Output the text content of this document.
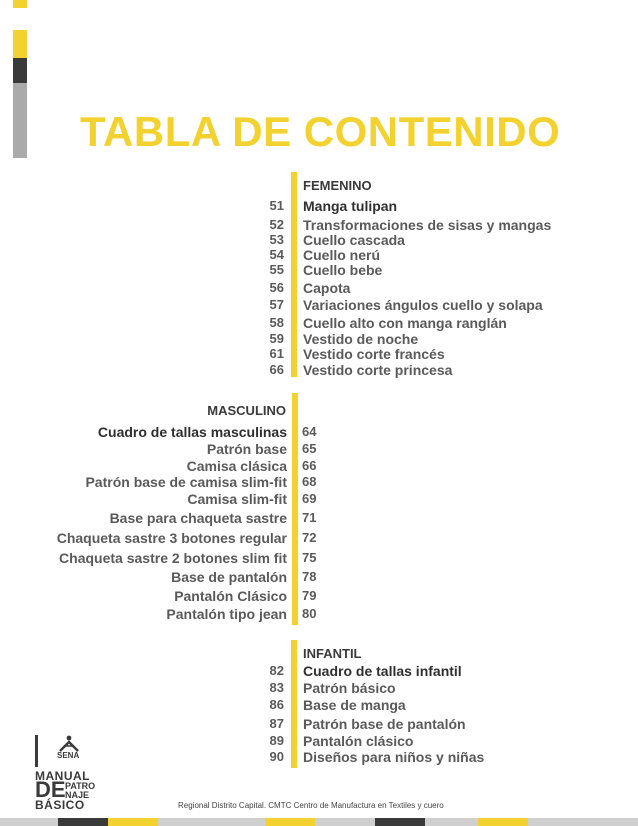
TABLA DE CONTENIDO
FEMENINO
51 Manga tulipan
52 Transformaciones de sisas y mangas
53 Cuello cascada
54 Cuello nerú
55 Cuello bebe
56 Capota
57 Variaciones ángulos cuello y solapa
58 Cuello alto con manga ranglán
59 Vestido de noche
61 Vestido corte francés
66 Vestido corte princesa
MASCULINO
64
Cuadro de tallas masculinas
65
Patrón base
66
Camisa clásica
68
Patrón base de camisa slim-fit
69
Camisa slim-fit
71
Base para chaqueta sastre
72
Chaqueta sastre 3 botones regular
75
Chaqueta sastre 2 botones slim fit
78
Base de pantalón
79
Pantalón Clásico
80
Pantalón tipo jean
INFANTIL
82 Cuadro de tallas infantil
83 Patrón básico
86 Base de manga
87 Patrón base de pantalón
89 Pantalón clásico
90 Diseños para niños y niñas
SENA
MANUAL
DE PATRO
NAJE
BÁSICO	Regional Distrito Capital. CMTC Centro de Manufactura en Textiles y cuero
